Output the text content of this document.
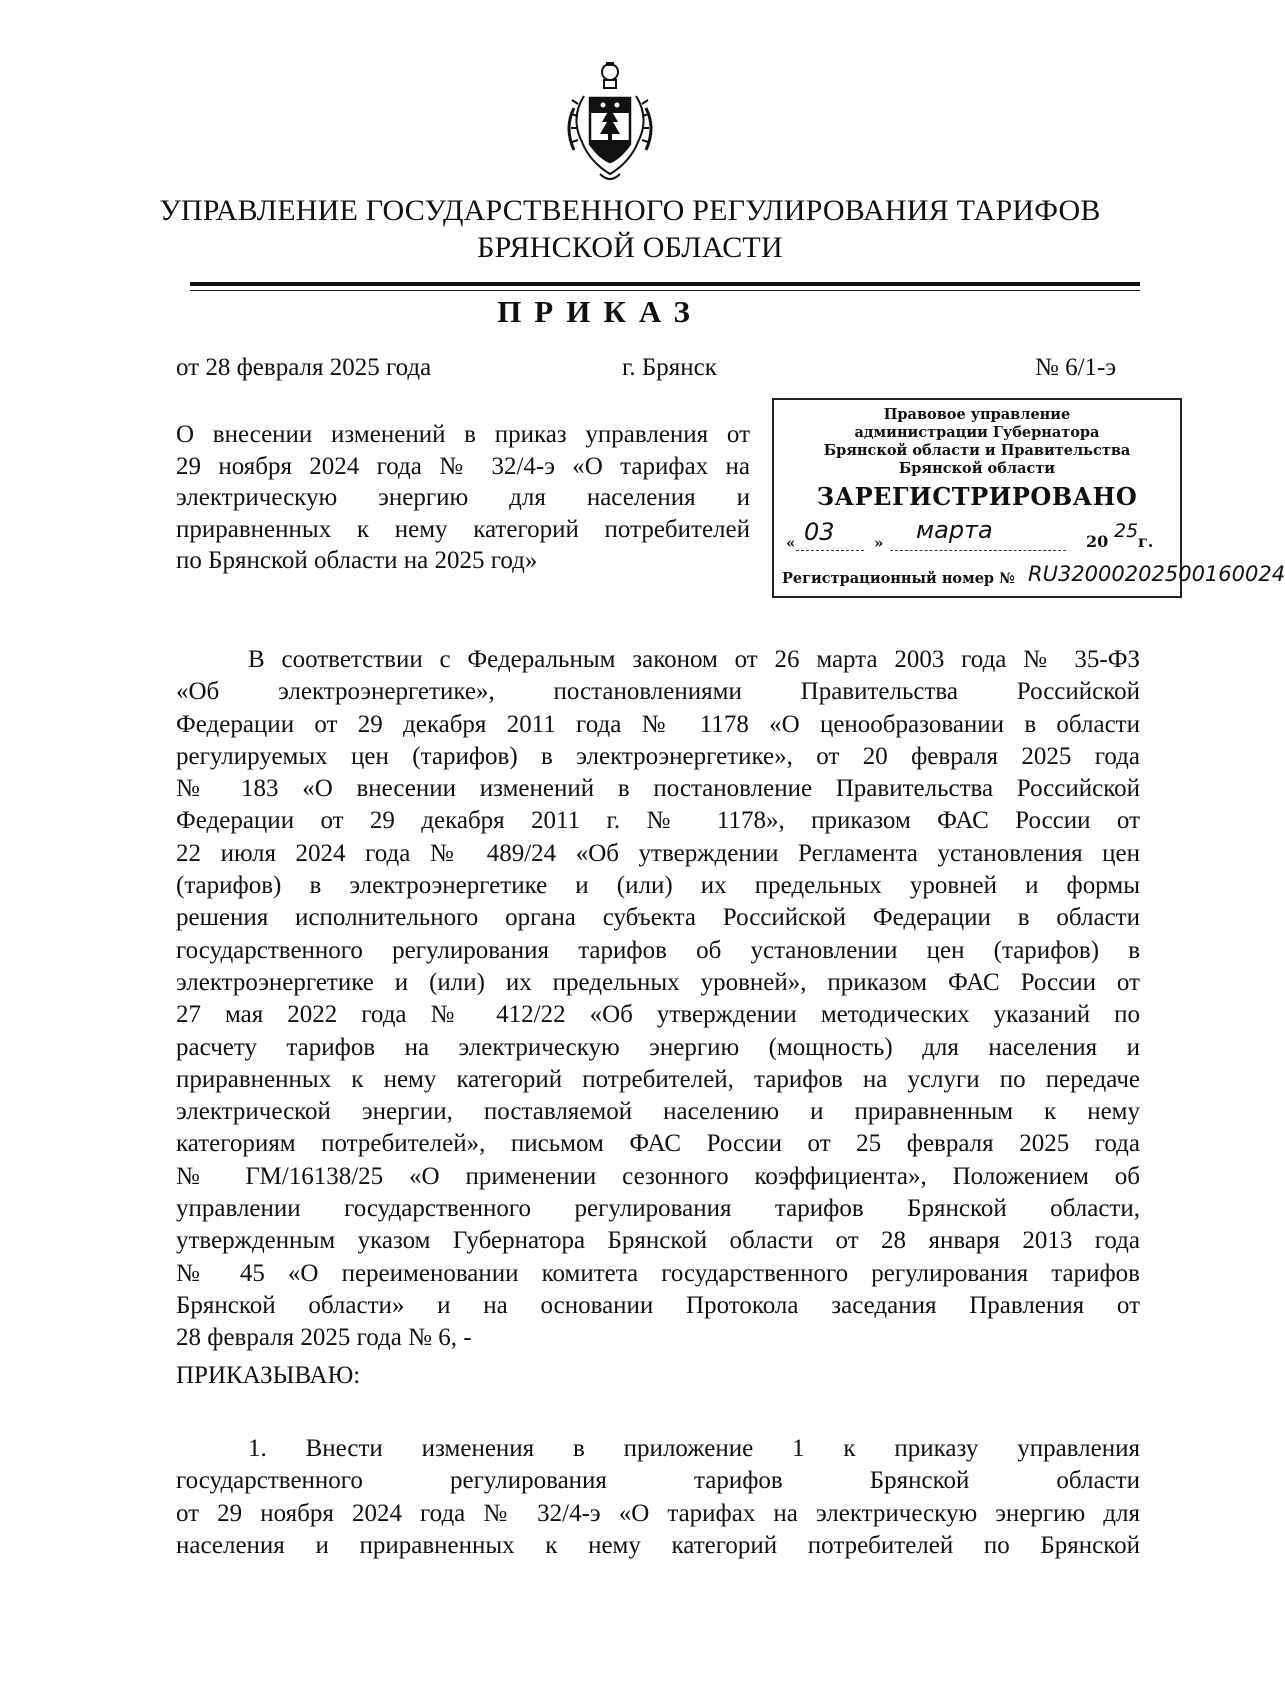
УПРАВЛЕНИЕ ГОСУДАРСТВЕННОГО РЕГУЛИРОВАНИЯ ТАРИФОВ
БРЯНСКОЙ ОБЛАСТИ
ПРИКАЗ
от 28 февраля 2025 года	г. Брянск	№ 6/1-э
О внесении изменений в приказ управления от
29 ноября 2024 года № 32/4-э «О тарифах на
электрическую энергию для населения и
приравненных к нему категорий потребителей
по Брянской области на 2025 год»
Правовое управление
администрации Губернатора
Брянской области и Правительства
Брянской области
ЗАРЕГИСТРИРОВАНО
« 03	» марта	20 25 г.
Регистрационный номер № RU32000202500160024
В соответствии с Федеральным законом от 26 марта 2003 года № 35-ФЗ
«Об электроэнергетике», постановлениями Правительства Российской
Федерации от 29 декабря 2011 года № 1178 «О ценообразовании в области
регулируемых цен (тарифов) в электроэнергетике», от 20 февраля 2025 года
№ 183 «О внесении изменений в постановление Правительства Российской
Федерации от 29 декабря 2011 г. № 1178», приказом ФАС России от
22 июля 2024 года № 489/24 «Об утверждении Регламента установления цен
(тарифов) в электроэнергетике и (или) их предельных уровней и формы
решения исполнительного органа субъекта Российской Федерации в области
государственного регулирования тарифов об установлении цен (тарифов) в
электроэнергетике и (или) их предельных уровней», приказом ФАС России от
27 мая 2022 года № 412/22 «Об утверждении методических указаний по
расчету тарифов на электрическую энергию (мощность) для населения и
приравненных к нему категорий потребителей, тарифов на услуги по передаче
электрической энергии, поставляемой населению и приравненным к нему
категориям потребителей», письмом ФАС России от 25 февраля 2025 года
№ ГМ/16138/25 «О применении сезонного коэффициента», Положением об
управлении государственного регулирования тарифов Брянской области,
утвержденным указом Губернатора Брянской области от 28 января 2013 года
№ 45 «О переименовании комитета государственного регулирования тарифов
Брянской области» и на основании Протокола заседания Правления от
28 февраля 2025 года № 6, -
ПРИКАЗЫВАЮ:
1. Внести изменения в приложение 1 к приказу управления
государственного регулирования тарифов Брянской области
от 29 ноября 2024 года № 32/4-э «О тарифах на электрическую энергию для
населения и приравненных к нему категорий потребителей по Брянской
